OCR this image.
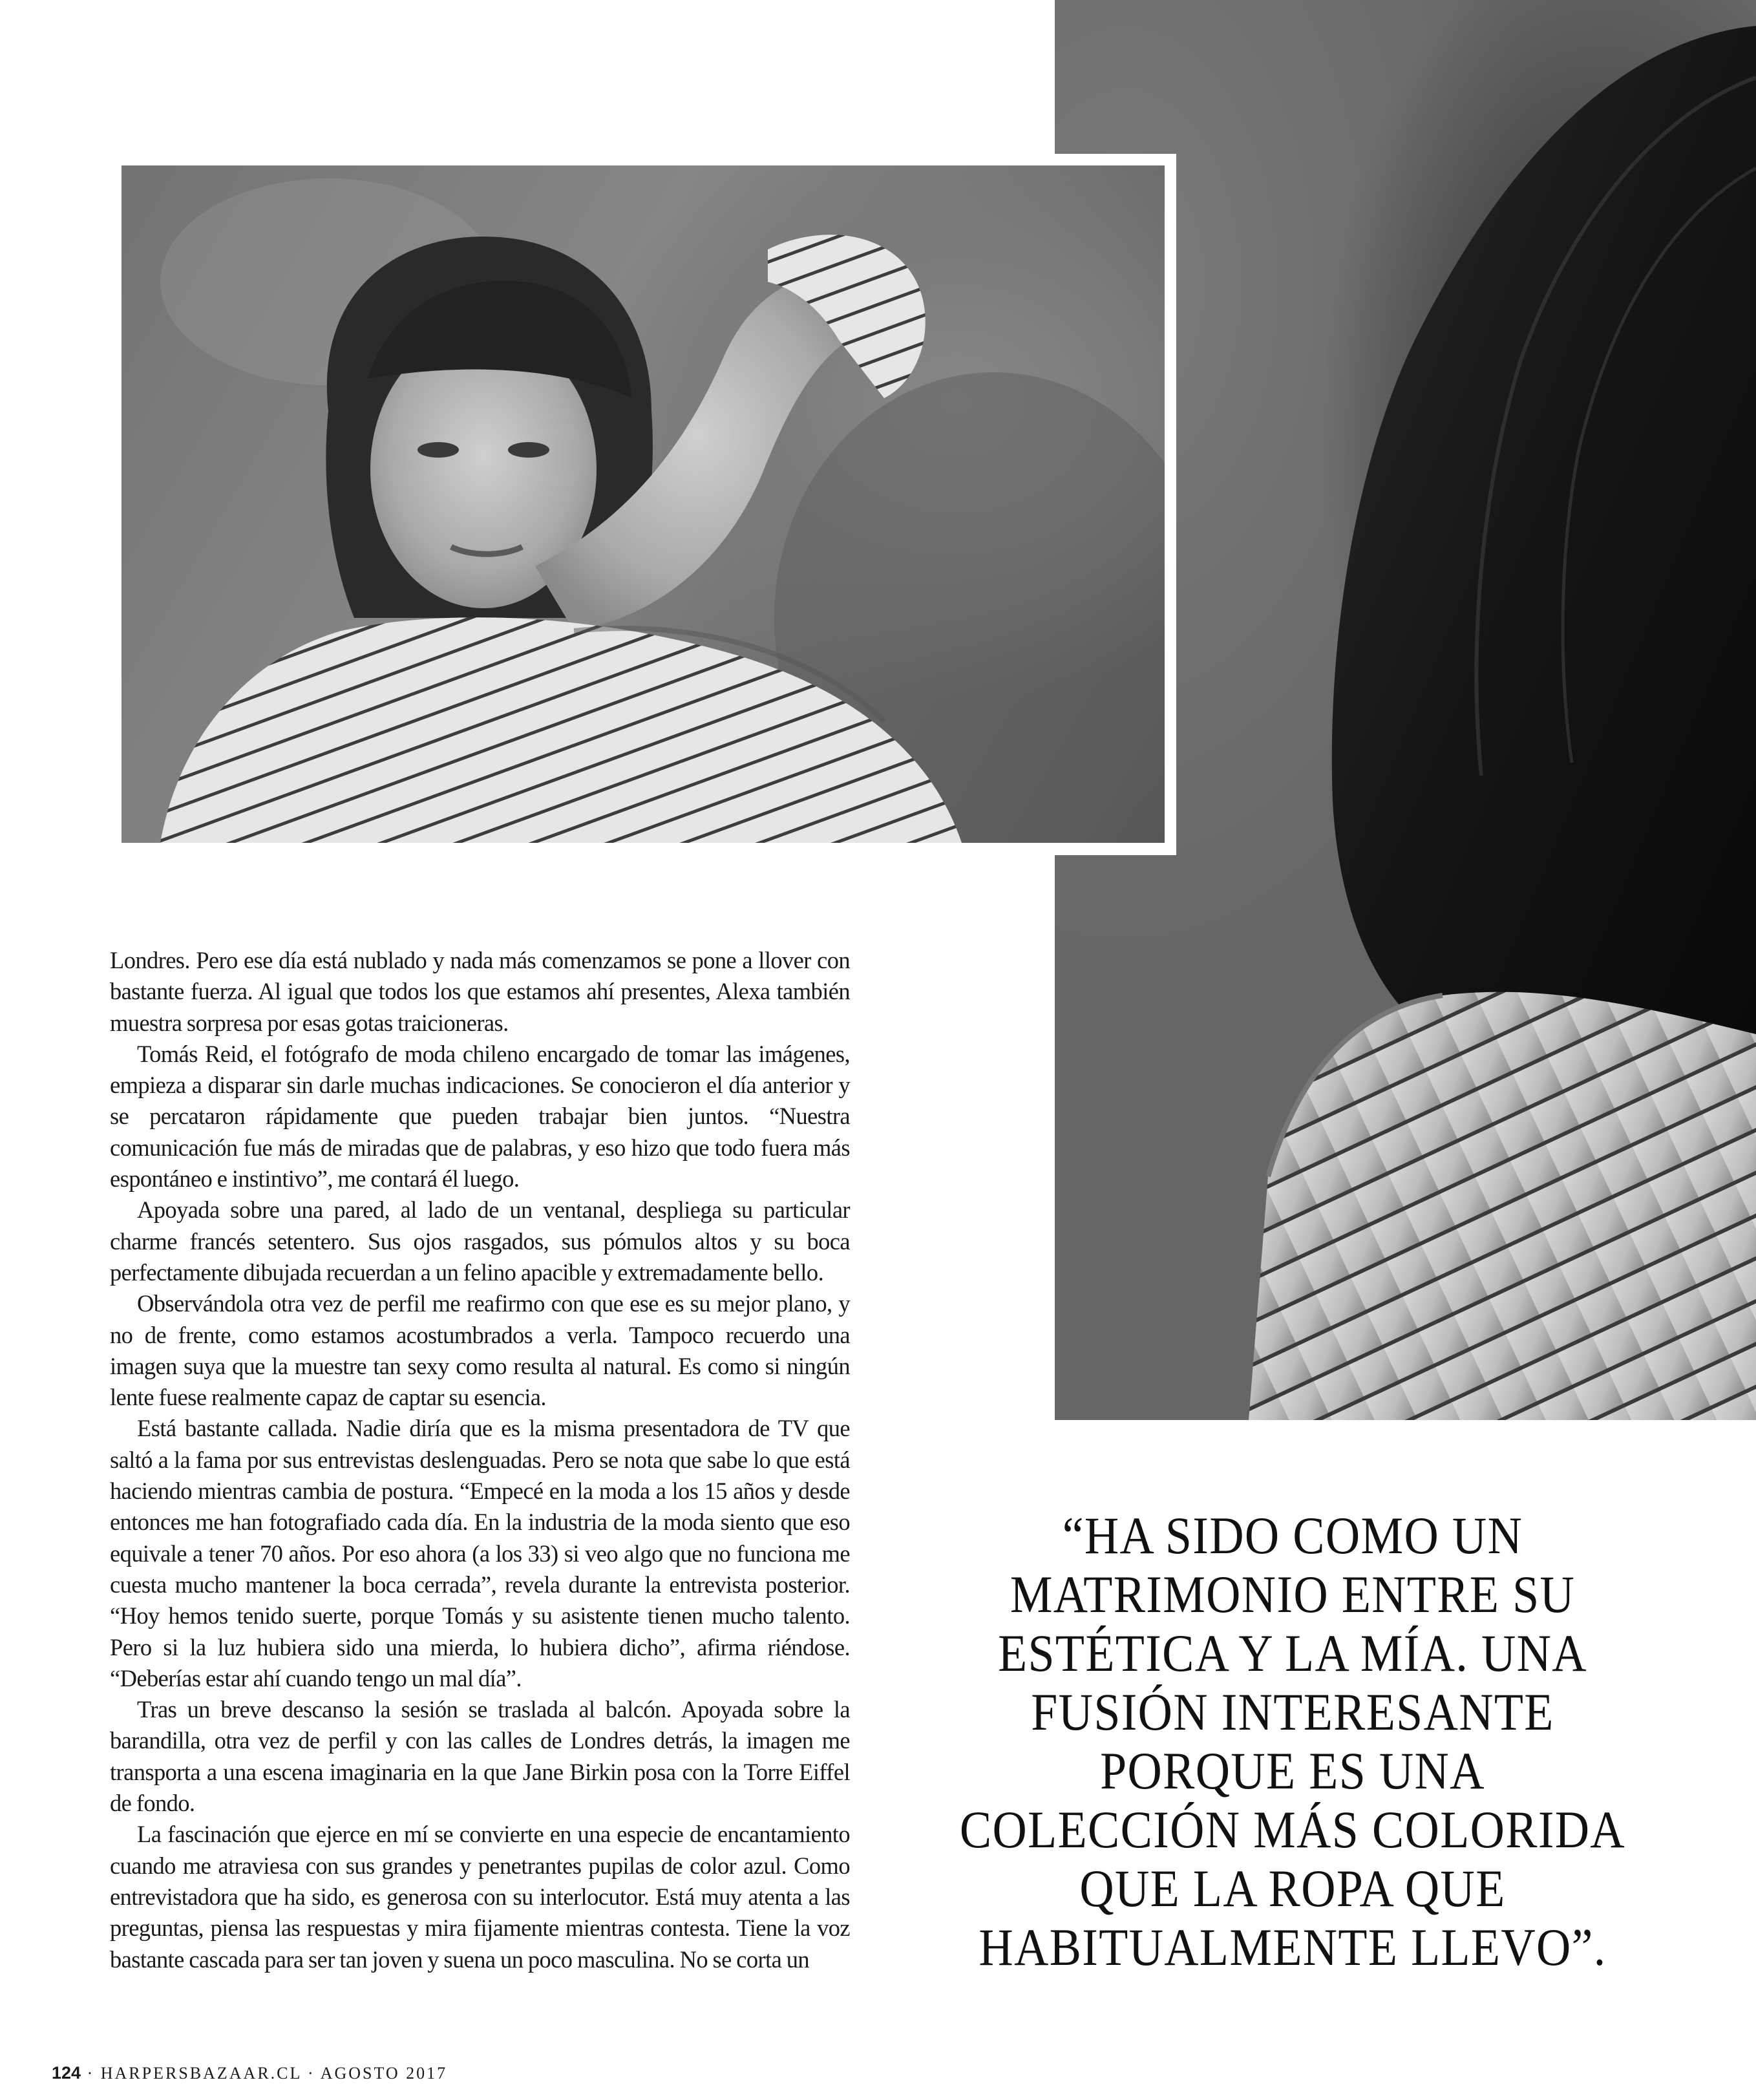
Londres. Pero ese día está nublado y nada más comenzamos se pone a llover con bastante fuerza. Al igual que todos los que estamos ahí presentes, Alexa también muestra sorpresa por esas gotas traicioneras.

Tomás Reid, el fotógrafo de moda chileno encargado de tomar las imágenes, empieza a disparar sin darle muchas indicaciones. Se conocieron el día anterior y se percataron rápidamente que pueden trabajar bien juntos. “Nuestra comunicación fue más de miradas que de palabras, y eso hizo que todo fuera más espontáneo e instintivo”, me contará él luego.

Apoyada sobre una pared, al lado de un ventanal, despliega su particular charme francés setentero. Sus ojos rasgados, sus pómulos altos y su boca perfectamente dibujada recuerdan a un felino apacible y extremadamente bello.

Observándola otra vez de perfil me reafirmo con que ese es su mejor plano, y no de frente, como estamos acostumbrados a verla. Tampoco recuerdo una imagen suya que la muestre tan sexy como resulta al natural. Es como si ningún lente fuese realmente capaz de captar su esencia.

Está bastante callada. Nadie diría que es la misma presentadora de TV que saltó a la fama por sus entrevistas deslenguadas. Pero se nota que sabe lo que está haciendo mientras cambia de postura. “Empecé en la moda a los 15 años y desde entonces me han fotografiado cada día. En la industria de la moda siento que eso equivale a tener 70 años. Por eso ahora (a los 33) si veo algo que no funciona me cuesta mucho mantener la boca cerrada”, revela durante la entrevista posterior. “Hoy hemos tenido suerte, porque Tomás y su asistente tienen mucho talento. Pero si la luz hubiera sido una mierda, lo hubiera dicho”, afirma riéndose. “Deberías estar ahí cuando tengo un mal día”.

Tras un breve descanso la sesión se traslada al balcón. Apoyada sobre la barandilla, otra vez de perfil y con las calles de Londres detrás, la imagen me transporta a una escena imaginaria en la que Jane Birkin posa con la Torre Eiffel de fondo.

La fascinación que ejerce en mí se convierte en una especie de encantamiento cuando me atraviesa con sus grandes y penetrantes pupilas de color azul. Como entrevistadora que ha sido, es generosa con su interlocutor. Está muy atenta a las preguntas, piensa las respuestas y mira fijamente mientras contesta. Tiene la voz bastante cascada para ser tan joven y suena un poco masculina. No se corta un

“HA SIDO COMO UN
MATRIMONIO ENTRE SU
ESTÉTICA Y LA MÍA. UNA
FUSIÓN INTERESANTE
PORQUE ES UNA
COLECCIÓN MÁS COLORIDA
QUE LA ROPA QUE
HABITUALMENTE LLEVO”.
124 · HARPERSBAZAAR.CL · AGOSTO 2017
